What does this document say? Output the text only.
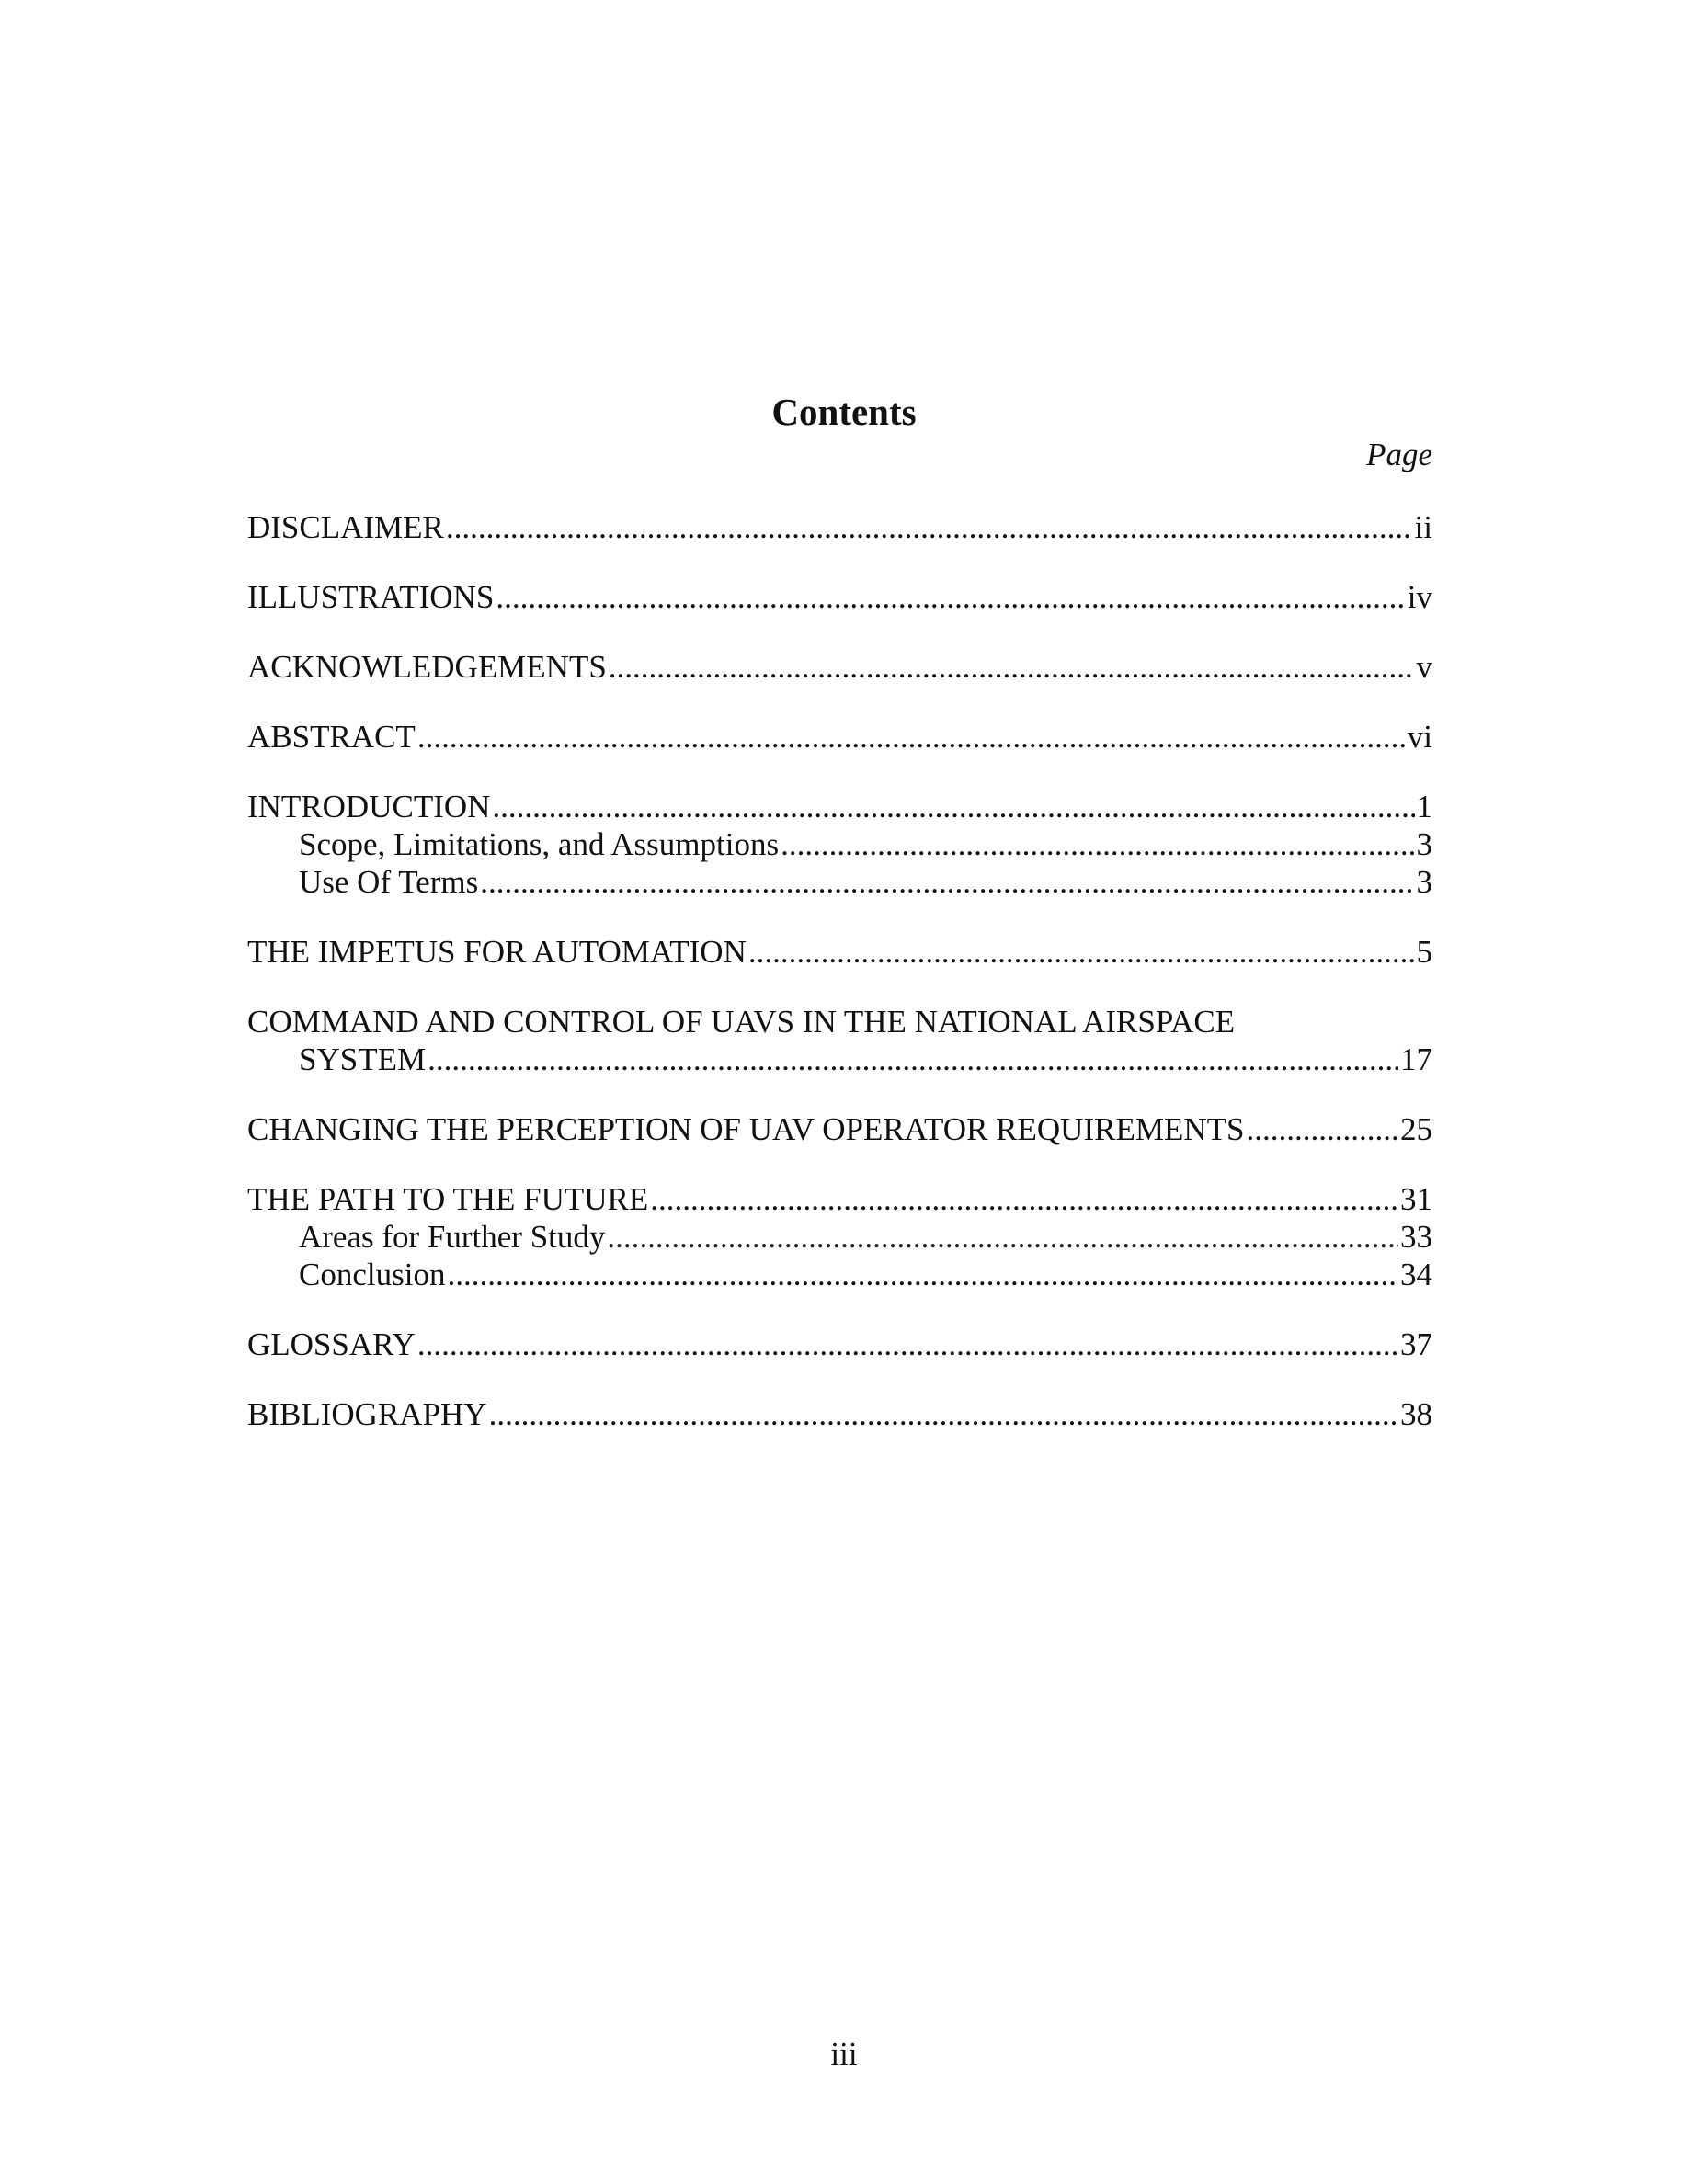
Contents
Page
DISCLAIMER .....	ii
ILLUSTRATIONS .....	iv
ACKNOWLEDGEMENTS .....	v
ABSTRACT .....	vi
INTRODUCTION .....	1
Scope, Limitations, and Assumptions .....	3
Use Of Terms .....	3
THE IMPETUS FOR AUTOMATION .....	5
COMMAND AND CONTROL OF UAVS IN THE NATIONAL AIRSPACE
SYSTEM .....	17
CHANGING THE PERCEPTION OF UAV OPERATOR REQUIREMENTS .....	25
THE PATH TO THE FUTURE .....	31
Areas for Further Study .....	33
Conclusion .....	34
GLOSSARY .....	37
BIBLIOGRAPHY .....	38
iii
